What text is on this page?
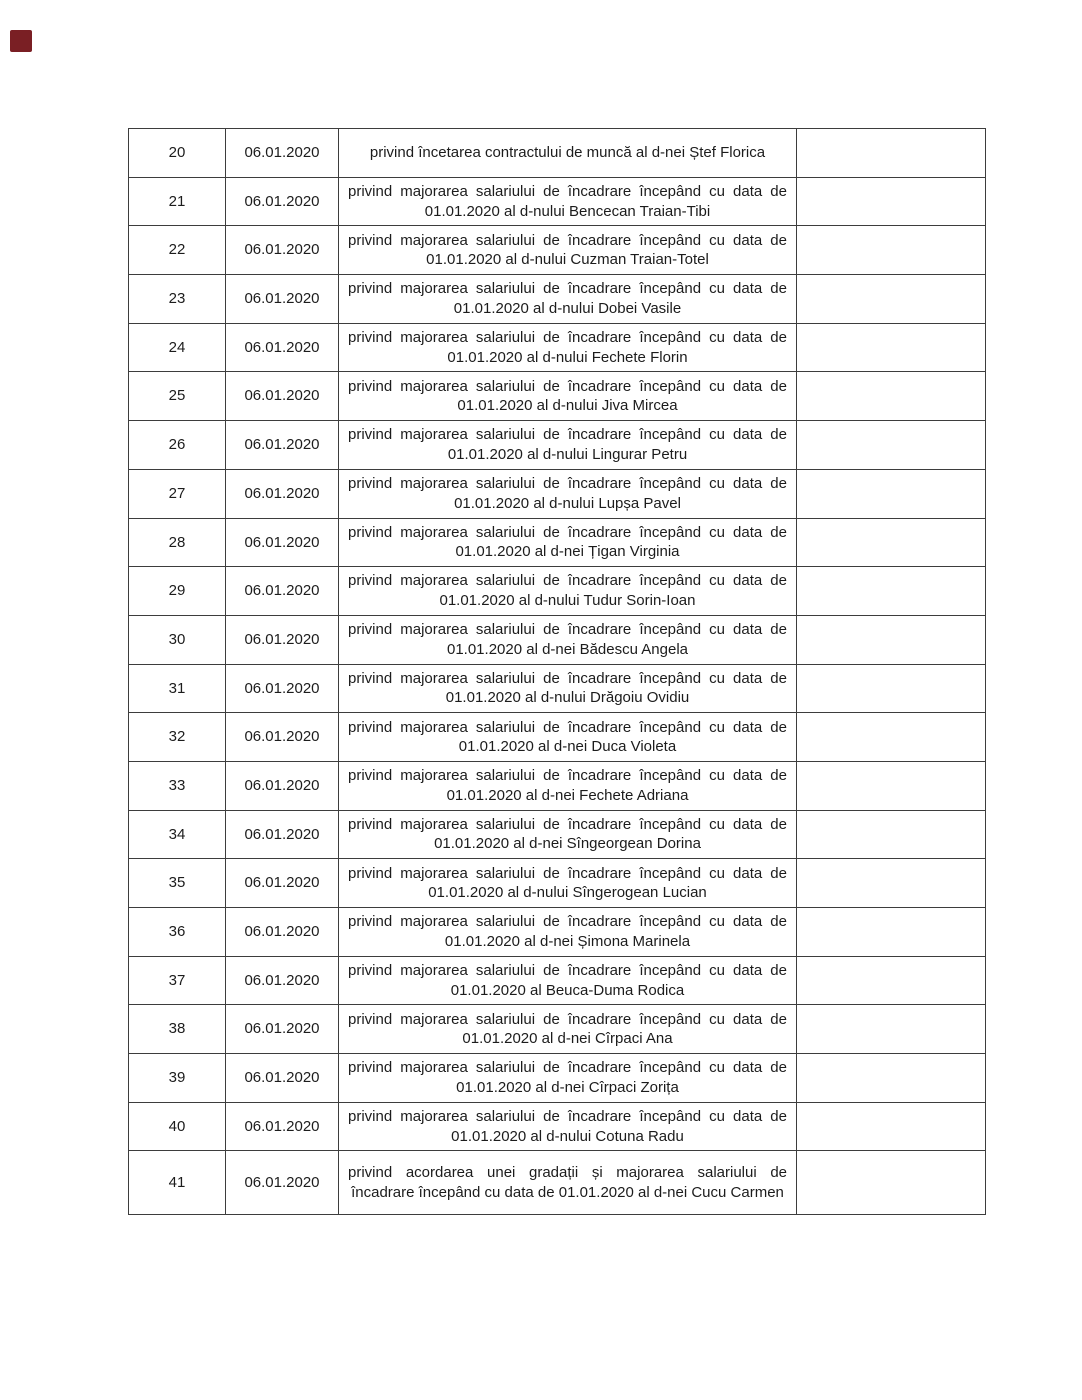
20	06.01.2020	privind încetarea contractului de muncă al d-nei Ștef Florica	
21	06.01.2020	privind majorarea salariului de încadrare începând cu data de 01.01.2020 al d-nului Bencecan Traian-Tibi	
22	06.01.2020	privind majorarea salariului de încadrare începând cu data de 01.01.2020 al d-nului Cuzman Traian-Totel	
23	06.01.2020	privind majorarea salariului de încadrare începând cu data de 01.01.2020 al d-nului Dobei Vasile	
24	06.01.2020	privind majorarea salariului de încadrare începând cu data de 01.01.2020 al d-nului Fechete Florin	
25	06.01.2020	privind majorarea salariului de încadrare începând cu data de 01.01.2020 al d-nului Jiva Mircea	
26	06.01.2020	privind majorarea salariului de încadrare începând cu data de 01.01.2020 al d-nului Lingurar Petru	
27	06.01.2020	privind majorarea salariului de încadrare începând cu data de 01.01.2020 al d-nului Lupșa Pavel	
28	06.01.2020	privind majorarea salariului de încadrare începând cu data de 01.01.2020 al d-nei Țigan Virginia	
29	06.01.2020	privind majorarea salariului de încadrare începând cu data de 01.01.2020 al d-nului Tudur Sorin-Ioan	
30	06.01.2020	privind majorarea salariului de încadrare începând cu data de 01.01.2020 al d-nei Bădescu Angela	
31	06.01.2020	privind majorarea salariului de încadrare începând cu data de 01.01.2020 al d-nului Drăgoiu Ovidiu	
32	06.01.2020	privind majorarea salariului de încadrare începând cu data de 01.01.2020 al d-nei Duca Violeta	
33	06.01.2020	privind majorarea salariului de încadrare începând cu data de 01.01.2020 al d-nei Fechete Adriana	
34	06.01.2020	privind majorarea salariului de încadrare începând cu data de 01.01.2020 al d-nei Sîngeorgean Dorina	
35	06.01.2020	privind majorarea salariului de încadrare începând cu data de 01.01.2020 al d-nului Sîngerogean Lucian	
36	06.01.2020	privind majorarea salariului de încadrare începând cu data de 01.01.2020 al d-nei Șimona Marinela	
37	06.01.2020	privind majorarea salariului de încadrare începând cu data de 01.01.2020 al Beuca-Duma Rodica	
38	06.01.2020	privind majorarea salariului de încadrare începând cu data de 01.01.2020 al d-nei Cîrpaci Ana	
39	06.01.2020	privind majorarea salariului de încadrare începând cu data de 01.01.2020 al d-nei Cîrpaci Zorița	
40	06.01.2020	privind majorarea salariului de încadrare începând cu data de 01.01.2020 al d-nului Cotuna Radu	
41	06.01.2020	privind acordarea unei gradații și majorarea salariului de încadrare începând cu data de 01.01.2020 al d-nei Cucu Carmen	
